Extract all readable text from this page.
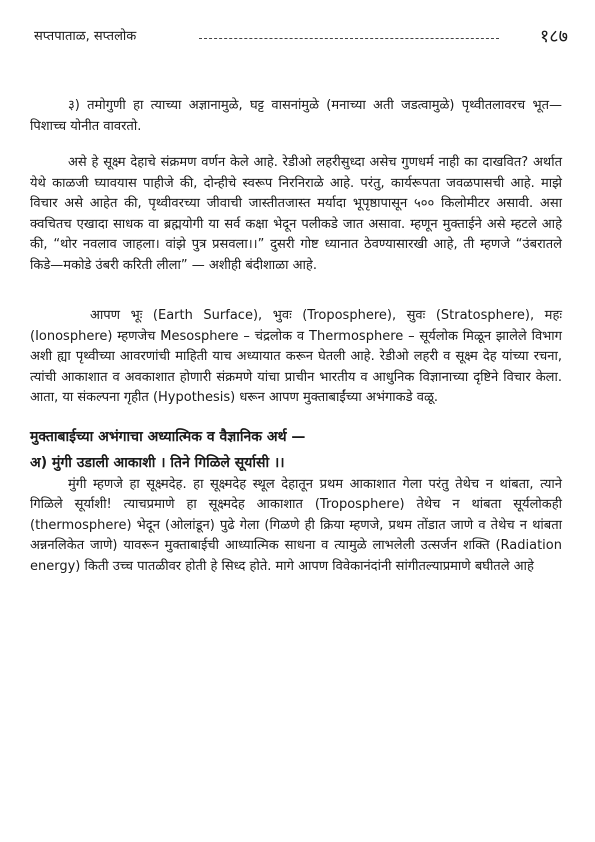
सप्तपाताळ, सप्तलोक	१८७

३) तमोगुणी हा त्याच्या अज्ञानामुळे, घट्ट वासनांमुळे (मनाच्या अती जडत्वामुळे) पृथ्वीतलावरच भूत—पिशाच्च योनीत वावरतो.

असे हे सूक्ष्म देहाचे संक्रमण वर्णन केले आहे. रेडीओ लहरीसुध्दा असेच गुणधर्म नाही का दाखवित? अर्थात येथे काळजी घ्यावयास पाहीजे की, दोन्हीचे स्वरूप निरनिराळे आहे. परंतु, कार्यरूपता जवळपासची आहे. माझे विचार असे आहेत की, पृथ्वीवरच्या जीवाची जास्तीतजास्त मर्यादा भूपृष्ठापासून ५०० किलोमीटर असावी. असा क्वचितच एखादा साधक वा ब्रह्मयोगी या सर्व कक्षा भेदून पलीकडे जात असावा. म्हणून मुक्ताईने असे म्हटले आहे की, “थोर नवलाव जाहला। वांझे पुत्र प्रसवला।।” दुसरी गोष्ट ध्यानात ठेवण्यासारखी आहे, ती म्हणजे “उंबरातले किडे—मकोडे उंबरी करिती लीला” — अशीही बंदीशाळा आहे.

आपण भूः (Earth Surface), भुवः (Troposphere), सुवः (Stratosphere), महः (Ionosphere) म्हणजेच Mesosphere – चंद्रलोक व Thermosphere – सूर्यलोक मिळून झालेले विभाग अशी ह्या पृथ्वीच्या आवरणांची माहिती याच अध्यायात करून घेतली आहे. रेडीओ लहरी व सूक्ष्म देह यांच्या रचना, त्यांची आकाशात व अवकाशात होणारी संक्रमणे यांचा प्राचीन भारतीय व आधुनिक विज्ञानाच्या दृष्टिने विचार केला. आता, या संकल्पना गृहीत (Hypothesis) धरून आपण मुक्ताबाईंच्या अभंगाकडे वळू.

मुक्ताबाईच्या अभंगाचा अध्यात्मिक व वैज्ञानिक अर्थ —
अ) मुंगी उडाली आकाशी । तिने गिळिले सूर्यासी ।।

मुंगी म्हणजे हा सूक्ष्मदेह. हा सूक्ष्मदेह स्थूल देहातून प्रथम आकाशात गेला परंतु तेथेच न थांबता, त्याने गिळिले सूर्याशी! त्याचप्रमाणे हा सूक्ष्मदेह आकाशात (Troposphere) तेथेच न थांबता सूर्यलोकही (thermosphere) भेदून (ओलांडून) पुढे गेला (गिळणे ही क्रिया म्हणजे, प्रथम तोंडात जाणे व तेथेच न थांबता अन्ननलिकेत जाणे) यावरून मुक्ताबाईची आध्यात्मिक साधना व त्यामुळे लाभलेली उत्सर्जन शक्ति (Radiation energy) किती उच्च पातळीवर होती हे सिध्द होते. मागे आपण विवेकानंदांनी सांगीतल्याप्रमाणे बघीतले आहे
